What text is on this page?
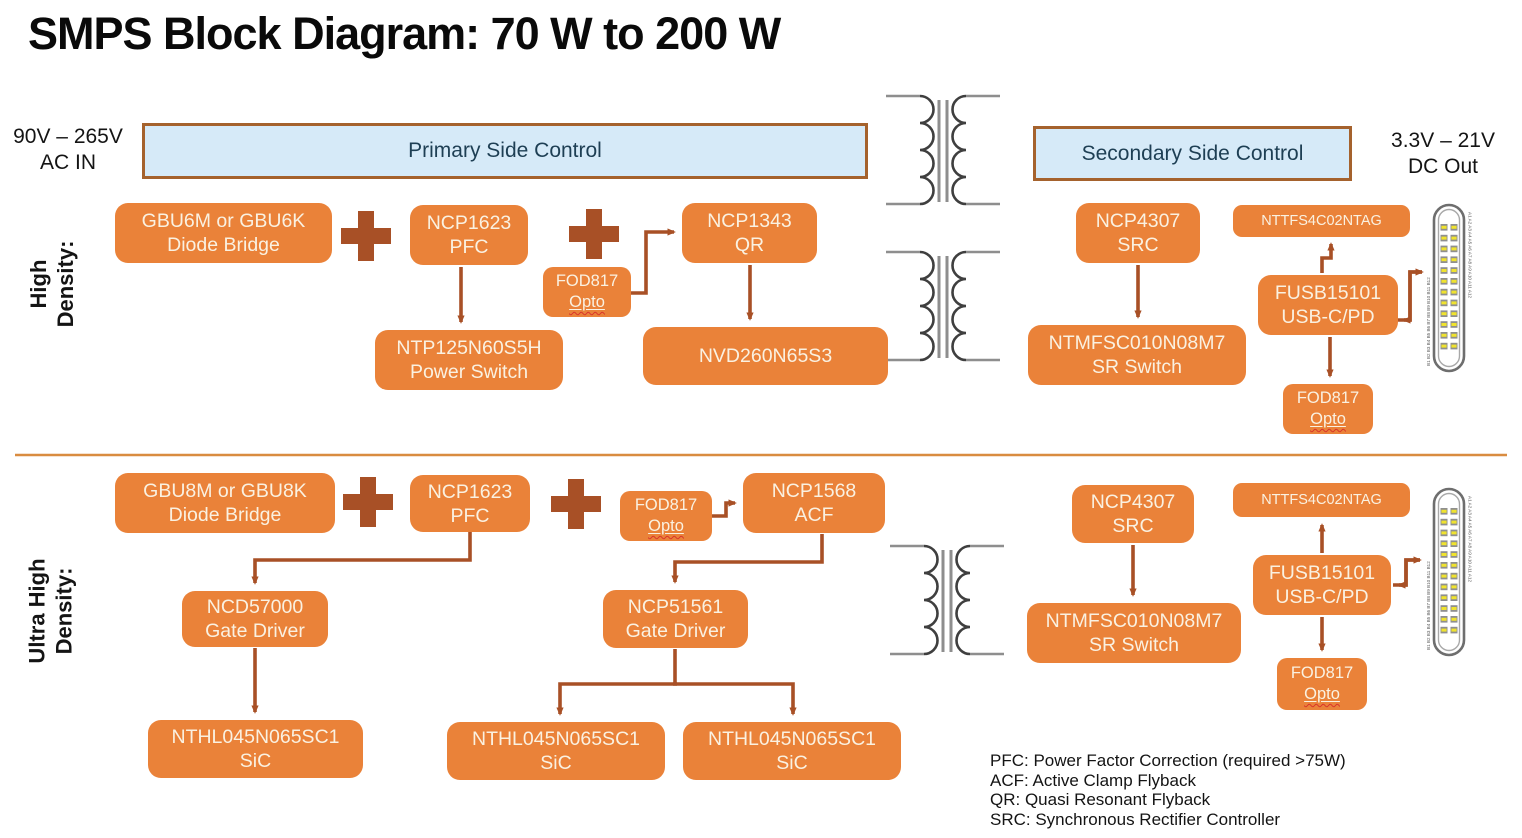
SMPS Block Diagram: 70 W to 200 W
90V – 265V
AC IN
3.3V – 21V
DC Out
Primary Side Control	Secondary Side Control
High Density:
Ultra High Density:
GBU6M or GBU6K
Diode Bridge
NCP1623
PFC
FOD817
Opto
NCP1343
QR
NTP125N60S5H
Power Switch
NVD260N65S3
NCP4307
SRC
NTTFS4C02NTAG
FUSB15101
USB-C/PD
NTMFSC010N08M7
SR Switch
FOD817
Opto
GBU8M or GBU8K
Diode Bridge
NCP1623
PFC	FOD817
Opto
NCP1568
ACF
NCD57000
Gate Driver
NCP51561
Gate Driver
NTHL045N065SC1
SiC
NTHL045N065SC1
SiC
NTHL045N065SC1
SiC
NCP4307
SRC
NTTFS4C02NTAG
FUSB15101
USB-C/PD
NTMFSC010N08M7
SR Switch
FOD817
Opto
B1 B2 B3 B4 B5 B6 B7 B8 B9 B10 B11 B12
A1 A2 A3 A4 A5 A6 A7 A8 A9 A10 A11 A12
B1 B2 B3 B4 B5 B6 B7 B8 B9 B10 B11 B12
A1 A2 A3 A4 A5 A6 A7 A8 A9 A10 A11 A12
PFC: Power Factor Correction (required >75W)
ACF: Active Clamp Flyback
QR: Quasi Resonant Flyback
SRC: Synchronous Rectifier Controller
